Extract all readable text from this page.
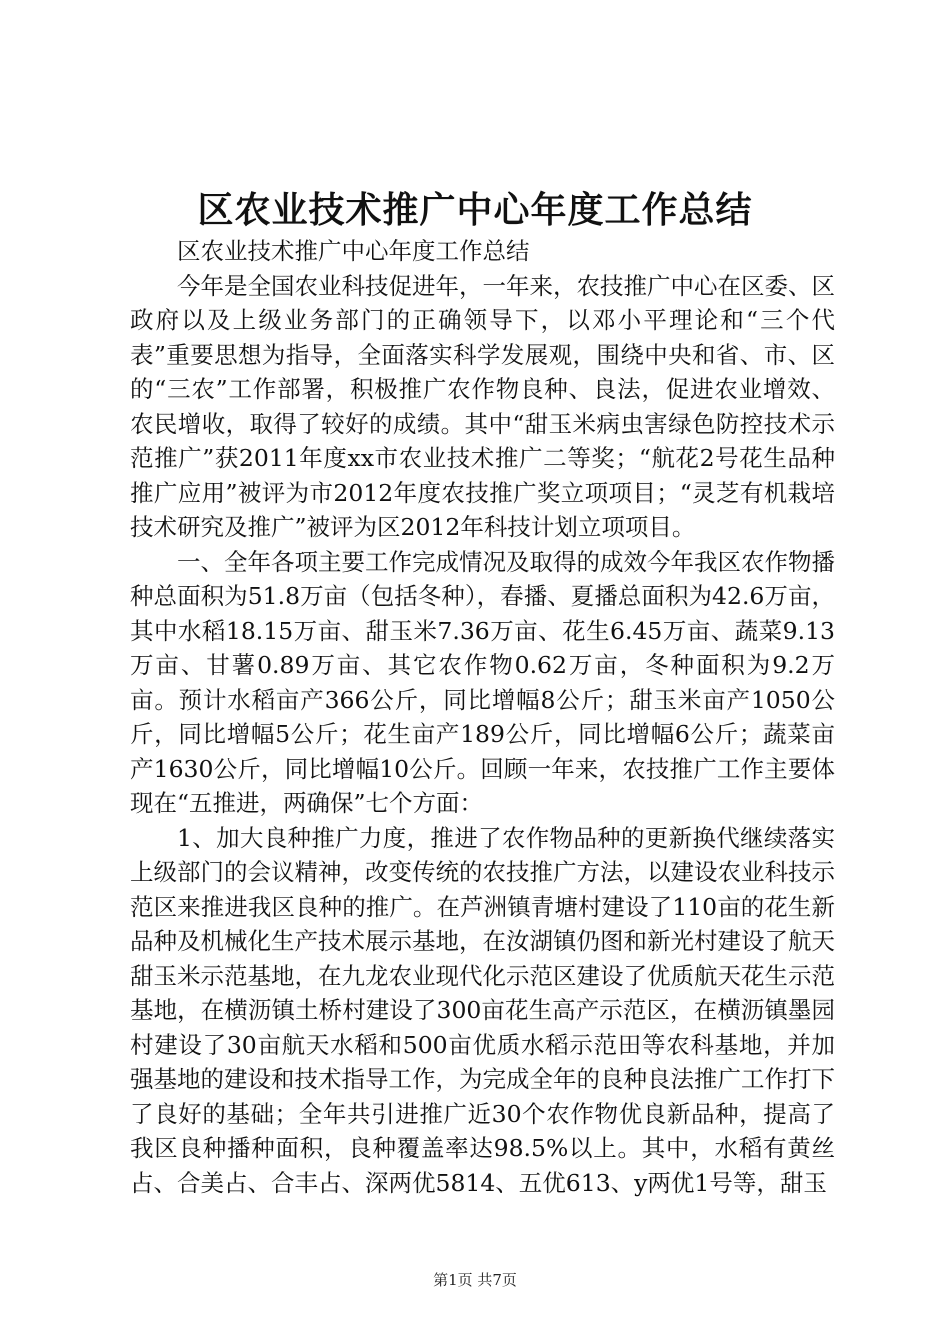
区农业技术推广中心年度工作总结

区农业技术推广中心年度工作总结

今年是全国农业科技促进年，一年来，农技推广中心在区委、区政府以及上级业务部门的正确领导下，以邓小平理论和“三个代表”重要思想为指导，全面落实科学发展观，围绕中央和省、市、区的“三农”工作部署，积极推广农作物良种、良法，促进农业增效、农民增收，取得了较好的成绩。其中“甜玉米病虫害绿色防控技术示范推广”获2011年度xx市农业技术推广二等奖；“航花2号花生品种推广应用”被评为市2012年度农技推广奖立项项目；“灵芝有机栽培技术研究及推广”被评为区2012年科技计划立项项目。

一、全年各项主要工作完成情况及取得的成效今年我区农作物播种总面积为51.8万亩（包括冬种），春播、夏播总面积为42.6万亩，其中水稻18.15万亩、甜玉米7.36万亩、花生6.45万亩、蔬菜9.13万亩、甘薯0.89万亩、其它农作物0.62万亩，冬种面积为9.2万亩。预计水稻亩产366公斤，同比增幅8公斤；甜玉米亩产1050公斤，同比增幅5公斤；花生亩产189公斤，同比增幅6公斤；蔬菜亩产1630公斤，同比增幅10公斤。回顾一年来，农技推广工作主要体现在“五推进，两确保”七个方面：

1、加大良种推广力度，推进了农作物品种的更新换代继续落实上级部门的会议精神，改变传统的农技推广方法，以建设农业科技示范区来推进我区良种的推广。在芦洲镇青塘村建设了110亩的花生新品种及机械化生产技术展示基地，在汝湖镇仍图和新光村建设了航天甜玉米示范基地，在九龙农业现代化示范区建设了优质航天花生示范基地，在横沥镇土桥村建设了300亩花生高产示范区，在横沥镇墨园村建设了30亩航天水稻和500亩优质水稻示范田等农科基地，并加强基地的建设和技术指导工作，为完成全年的良种良法推广工作打下了良好的基础；全年共引进推广近30个农作物优良新品种，提高了我区良种播种面积，良种覆盖率达98.5%以上。其中，水稻有黄丝占、合美占、合丰占、深两优5814、五优613、y两优1号等，甜玉

第1页 共7页
